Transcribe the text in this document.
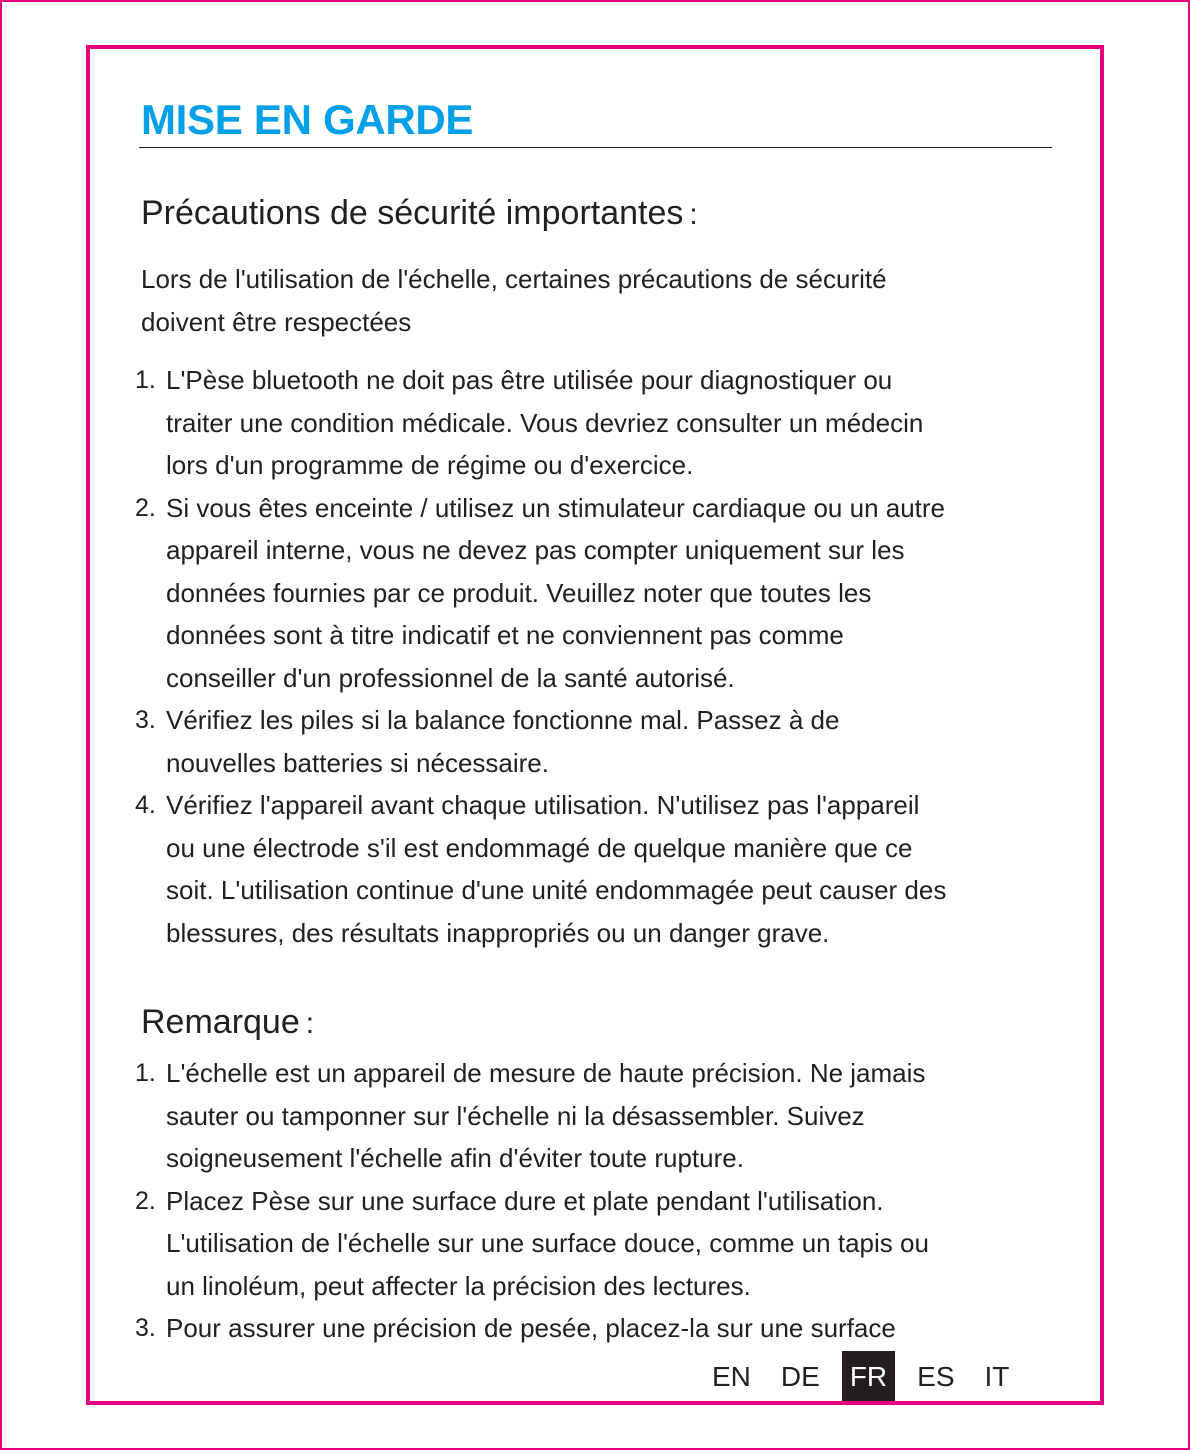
MISE EN GARDE
Précautions de sécurité importantes :

Lors de l'utilisation de l'échelle, certaines précautions de sécurité
doivent être respectées

1. L'Pèse bluetooth ne doit pas être utilisée pour diagnostiquer ou
traiter une condition médicale. Vous devriez consulter un médecin
lors d'un programme de régime ou d'exercice.
2. Si vous êtes enceinte / utilisez un stimulateur cardiaque ou un autre
appareil interne, vous ne devez pas compter uniquement sur les
données fournies par ce produit. Veuillez noter que toutes les
données sont à titre indicatif et ne conviennent pas comme
conseiller d'un professionnel de la santé autorisé.
3. Vérifiez les piles si la balance fonctionne mal. Passez à de
nouvelles batteries si nécessaire.
4. Vérifiez l'appareil avant chaque utilisation. N'utilisez pas l'appareil
ou une électrode s'il est endommagé de quelque manière que ce
soit. L'utilisation continue d'une unité endommagée peut causer des
blessures, des résultats inappropriés ou un danger grave.
Remarque :
1. L'échelle est un appareil de mesure de haute précision. Ne jamais
sauter ou tamponner sur l'échelle ni la désassembler. Suivez
soigneusement l'échelle afin d'éviter toute rupture.
2. Placez Pèse sur une surface dure et plate pendant l'utilisation.
L'utilisation de l'échelle sur une surface douce, comme un tapis ou
un linoléum, peut affecter la précision des lectures.
3. Pour assurer une précision de pesée, placez-la sur une surface
EN DE FR ES IT
